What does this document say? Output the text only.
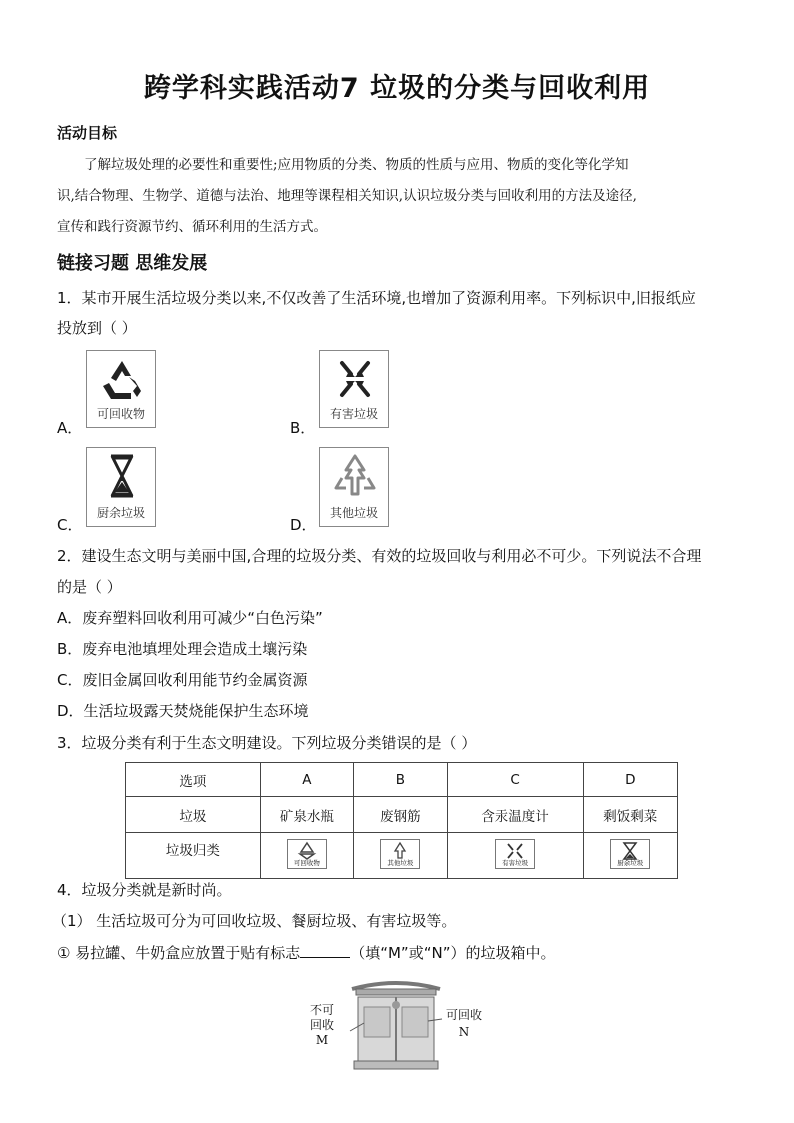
跨学科实践活动7 垃圾的分类与回收利用
活动目标
了解垃圾处理的必要性和重要性;应用物质的分类、物质的性质与应用、物质的变化等化学知
识,结合物理、生物学、道德与法治、地理等课程相关知识,认识垃圾分类与回收利用的方法及途径,
宣传和践行资源节约、循环利用的生活方式。
链接习题 思维发展
1．某市开展生活垃圾分类以来,不仅改善了生活环境,也增加了资源利用率。下列标识中,旧报纸应
投放到（ ）
A．
可回收物
B．
有害垃圾
C．
厨余垃圾
D．
其他垃圾
2．建设生态文明与美丽中国,合理的垃圾分类、有效的垃圾回收与利用必不可少。下列说法不合理
的是（ ）
A．废弃塑料回收利用可减少“白色污染”
B．废弃电池填埋处理会造成土壤污染
C．废旧金属回收利用能节约金属资源
D．生活垃圾露天焚烧能保护生态环境
3．垃圾分类有利于生态文明建设。下列垃圾分类错误的是（ ）
选项	A	B	C	D
垃圾	矿泉水瓶	废钢筋	含汞温度计	剩饭剩菜
垃圾归类	可回收物	其他垃圾	有害垃圾	厨余垃圾
4．垃圾分类就是新时尚。
（1） 生活垃圾可分为可回收垃圾、餐厨垃圾、有害垃圾等。
① 易拉罐、牛奶盒应放置于贴有标志	（填“M”或“N”）的垃圾箱中。
不可
回收
M
可回收
N
